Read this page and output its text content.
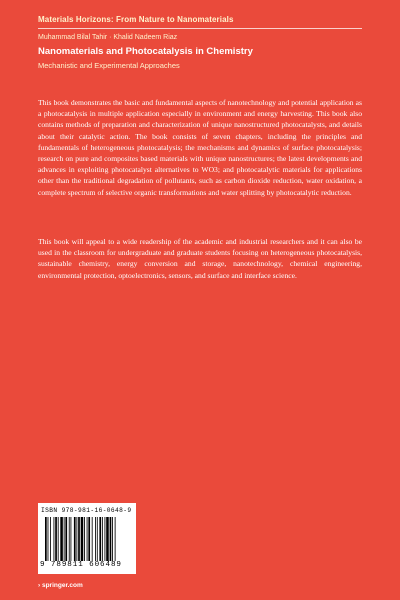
Materials Horizons: From Nature to Nanomaterials
Muhammad Bilal Tahir · Khalid Nadeem Riaz
Nanomaterials and Photocatalysis in Chemistry
Mechanistic and Experimental Approaches

This book demonstrates the basic and fundamental aspects of nanotechnology and potential application as a photocatalysis in multiple application especially in environment and energy harvesting. This book also contains methods of preparation and characterization of unique nanostructured photocatalysts, and details about their catalytic action. The book consists of seven chapters, including the principles and fundamentals of heterogeneous photocatalysis; the mechanisms and dynamics of surface photocatalysis; research on pure and composites based materials with unique nanostructures; the latest developments and advances in exploiting photocatalyst alternatives to WO3; and photocatalytic materials for applications other than the traditional degradation of pollutants, such as carbon dioxide reduction, water oxidation, a complete spectrum of selective organic transformations and water splitting by photocatalytic reduction.

This book will appeal to a wide readership of the academic and industrial researchers and it can also be used in the classroom for undergraduate and graduate students focusing on heterogeneous photocatalysis, sustainable chemistry, energy conversion and storage, nanotechnology, chemical engineering, environmental protection, optoelectronics, sensors, and surface and interface science.

ISBN 978-981-16-0648-9
9 789811 606489
› springer.com
